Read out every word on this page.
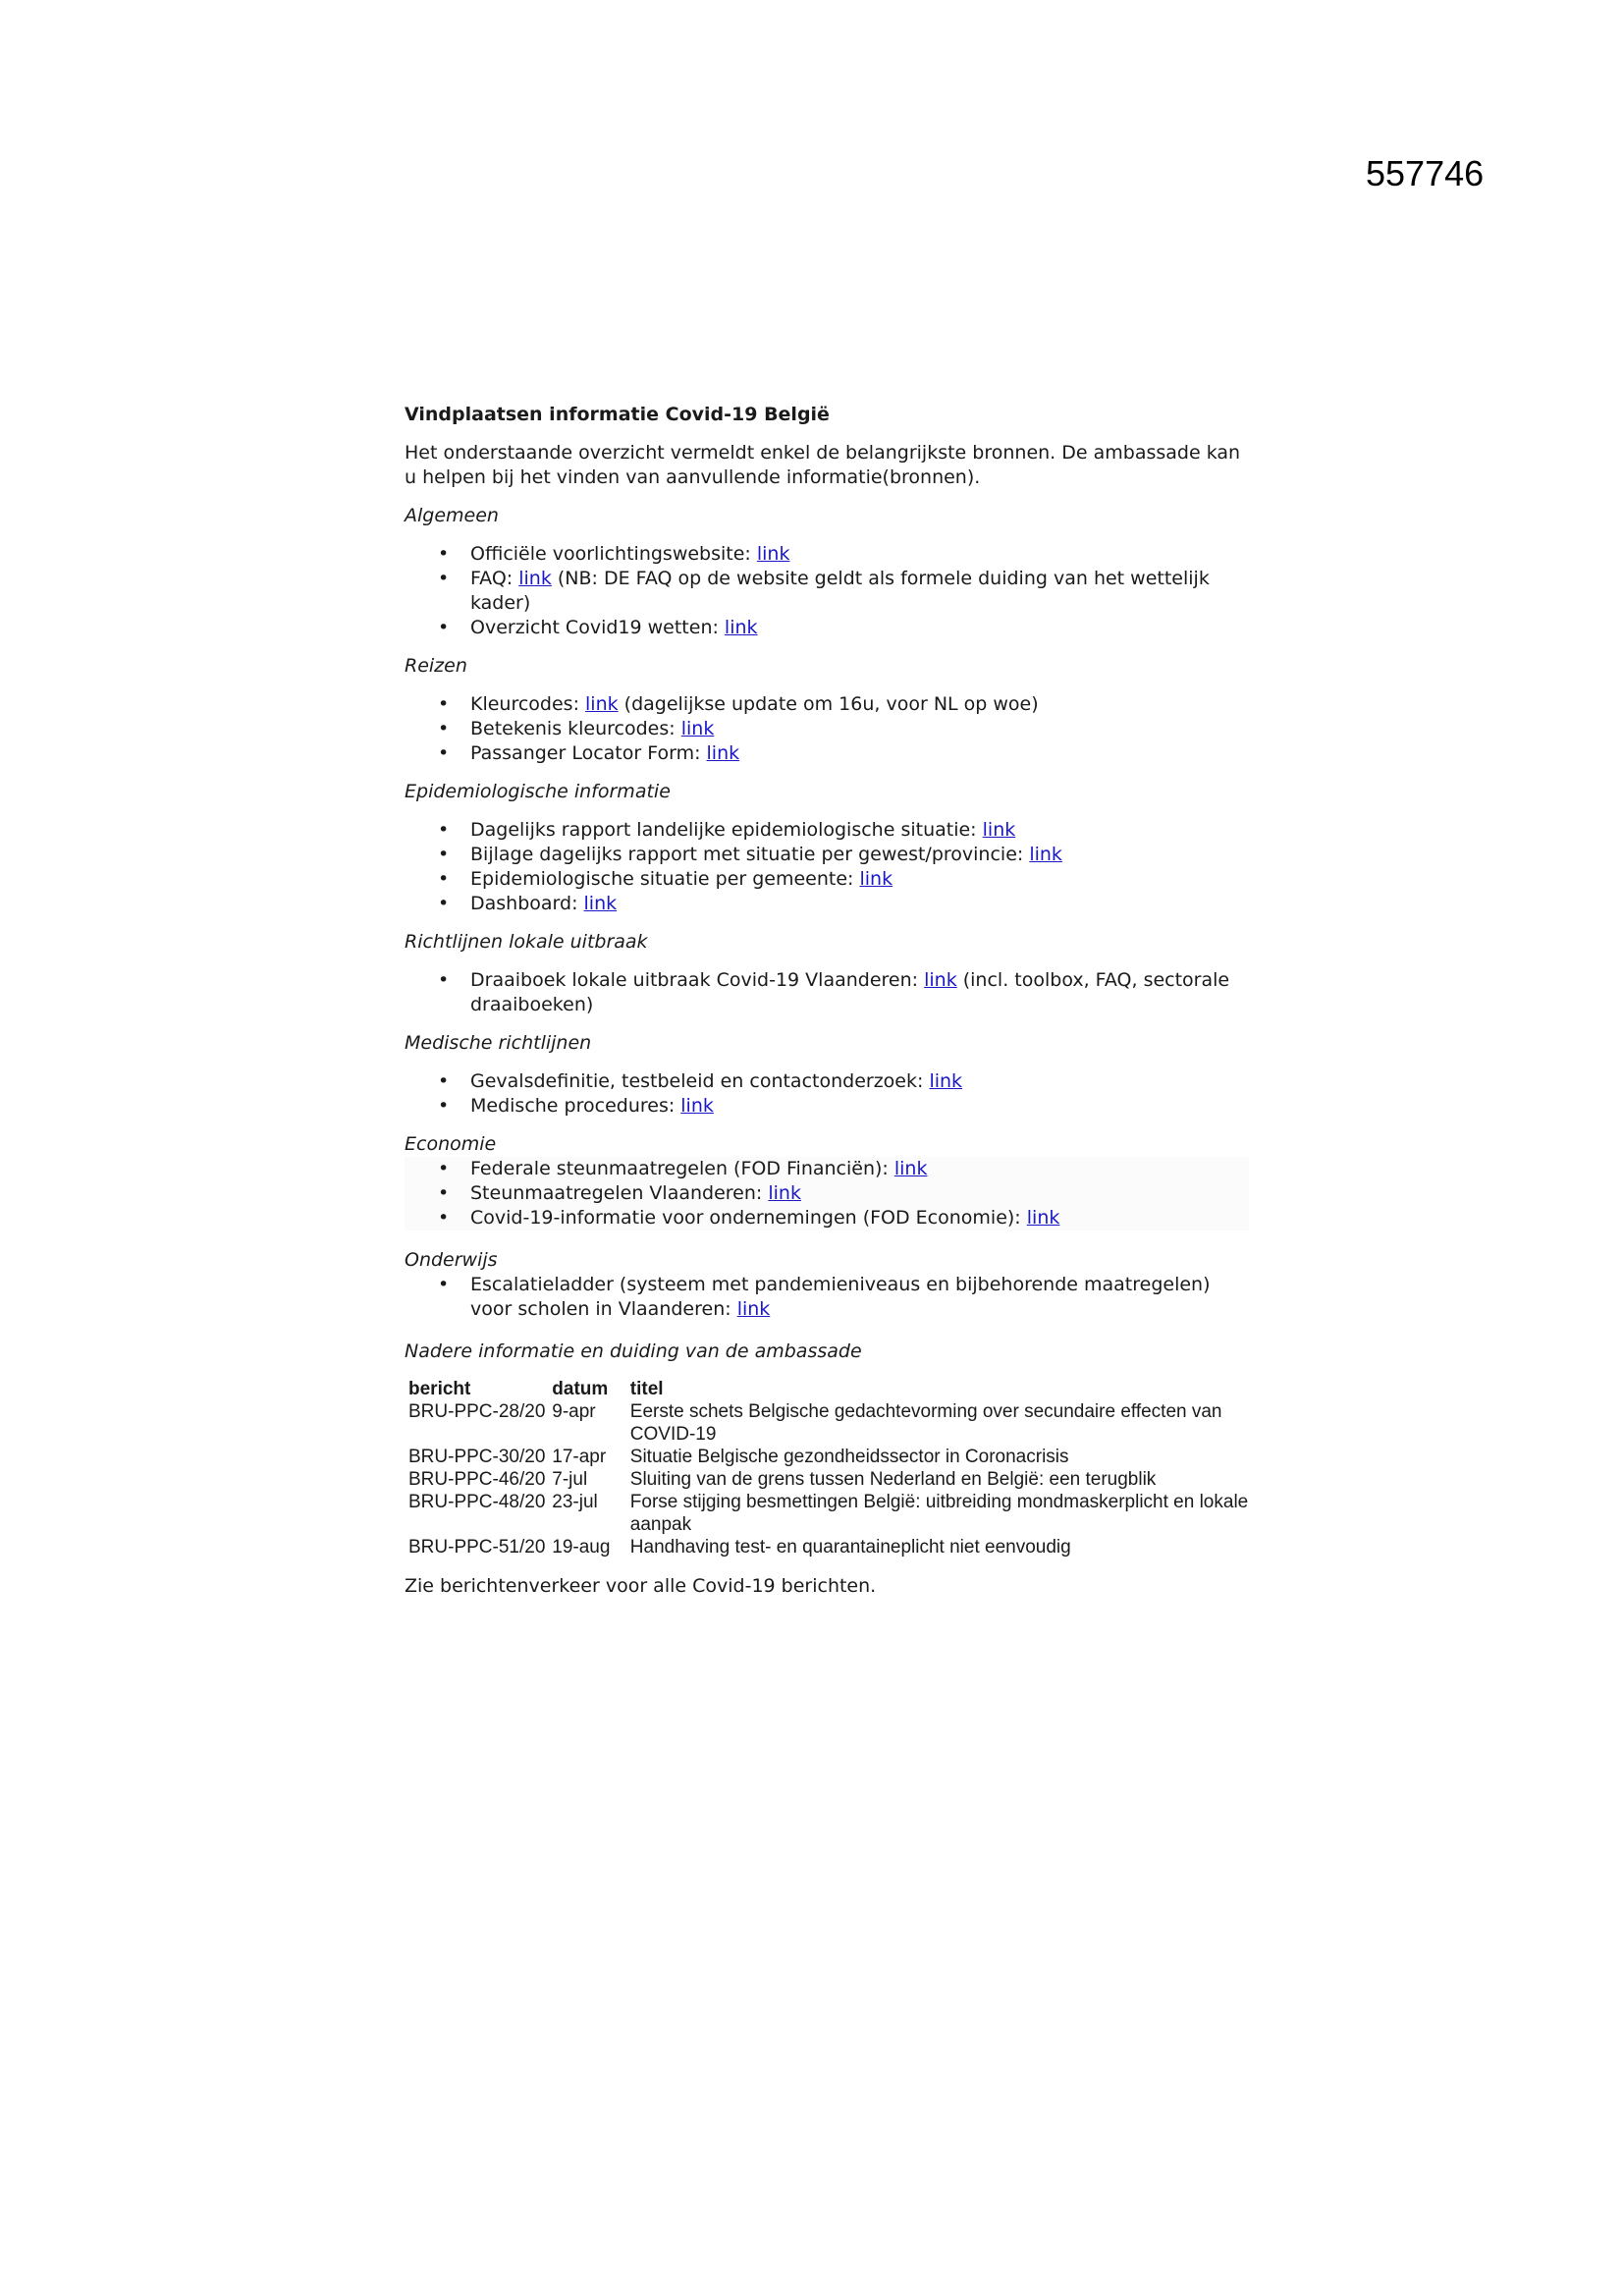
557746

Vindplaatsen informatie Covid-19 België

Het onderstaande overzicht vermeldt enkel de belangrijkste bronnen. De ambassade kan u helpen bij het vinden van aanvullende informatie(bronnen).

Algemeen

• Officiële voorlichtingswebsite: link
• FAQ: link (NB: DE FAQ op de website geldt als formele duiding van het wettelijk kader)
• Overzicht Covid19 wetten: link

Reizen

• Kleurcodes: link (dagelijkse update om 16u, voor NL op woe)
• Betekenis kleurcodes: link
• Passanger Locator Form: link

Epidemiologische informatie

• Dagelijks rapport landelijke epidemiologische situatie: link
• Bijlage dagelijks rapport met situatie per gewest/provincie: link
• Epidemiologische situatie per gemeente: link
• Dashboard: link

Richtlijnen lokale uitbraak

• Draaiboek lokale uitbraak Covid-19 Vlaanderen: link (incl. toolbox, FAQ, sectorale draaiboeken)

Medische richtlijnen

• Gevalsdefinitie, testbeleid en contactonderzoek: link
• Medische procedures: link

Economie

• Federale steunmaatregelen (FOD Financiën): link
• Steunmaatregelen Vlaanderen: link
• Covid-19-informatie voor ondernemingen (FOD Economie): link

Onderwijs

• Escalatieladder (systeem met pandemieniveaus en bijbehorende maatregelen) voor scholen in Vlaanderen: link

Nadere informatie en duiding van de ambassade

bericht	datum	titel
BRU-PPC-28/20	9-apr	Eerste schets Belgische gedachtevorming over secundaire effecten van COVID-19
BRU-PPC-30/20	17-apr	Situatie Belgische gezondheidssector in Coronacrisis
BRU-PPC-46/20	7-jul	Sluiting van de grens tussen Nederland en België: een terugblik
BRU-PPC-48/20	23-jul	Forse stijging besmettingen België: uitbreiding mondmaskerplicht en lokale aanpak
BRU-PPC-51/20	19-aug	Handhaving test- en quarantaineplicht niet eenvoudig

Zie berichtenverkeer voor alle Covid-19 berichten.
